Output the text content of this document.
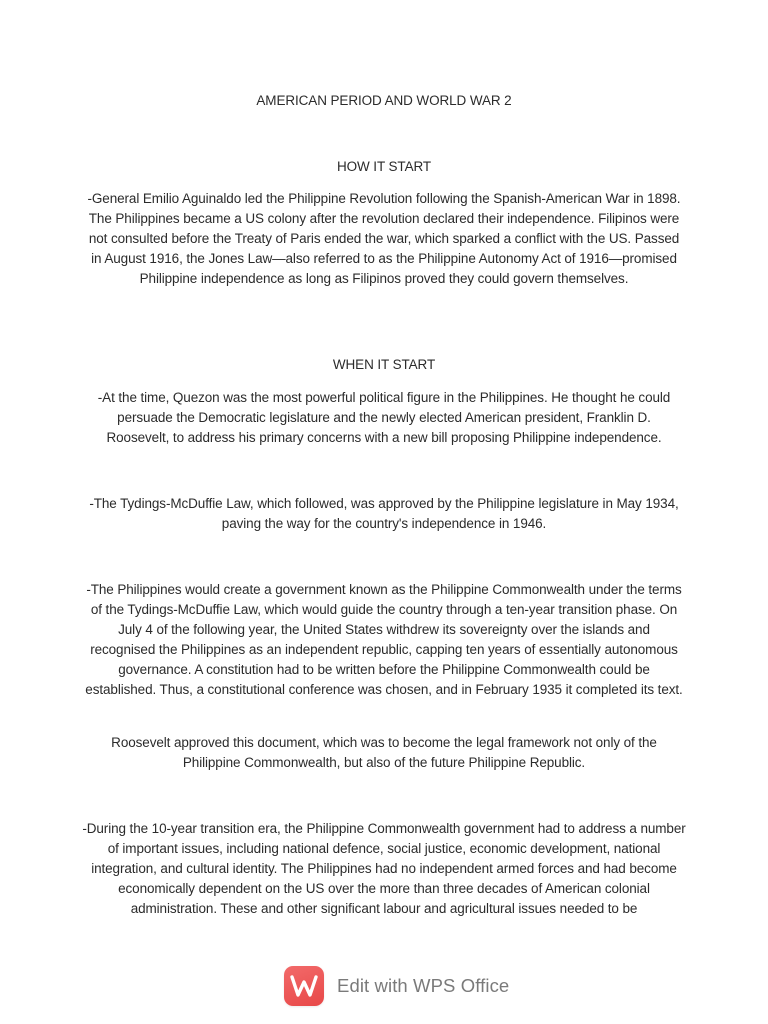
AMERICAN PERIOD AND WORLD WAR 2

HOW IT START

-General Emilio Aguinaldo led the Philippine Revolution following the Spanish-American War in 1898. The Philippines became a US colony after the revolution declared their independence. Filipinos were not consulted before the Treaty of Paris ended the war, which sparked a conflict with the US. Passed in August 1916, the Jones Law—also referred to as the Philippine Autonomy Act of 1916—promised Philippine independence as long as Filipinos proved they could govern themselves.

WHEN IT START

-At the time, Quezon was the most powerful political figure in the Philippines. He thought he could persuade the Democratic legislature and the newly elected American president, Franklin D. Roosevelt, to address his primary concerns with a new bill proposing Philippine independence.

-The Tydings-McDuffie Law, which followed, was approved by the Philippine legislature in May 1934, paving the way for the country's independence in 1946.

-The Philippines would create a government known as the Philippine Commonwealth under the terms of the Tydings-McDuffie Law, which would guide the country through a ten-year transition phase. On July 4 of the following year, the United States withdrew its sovereignty over the islands and recognised the Philippines as an independent republic, capping ten years of essentially autonomous governance. A constitution had to be written before the Philippine Commonwealth could be established. Thus, a constitutional conference was chosen, and in February 1935 it completed its text.

Roosevelt approved this document, which was to become the legal framework not only of the Philippine Commonwealth, but also of the future Philippine Republic.

-During the 10-year transition era, the Philippine Commonwealth government had to address a number of important issues, including national defence, social justice, economic development, national integration, and cultural identity. The Philippines had no independent armed forces and had become economically dependent on the US over the more than three decades of American colonial administration. These and other significant labour and agricultural issues needed to be

Edit with WPS Office
